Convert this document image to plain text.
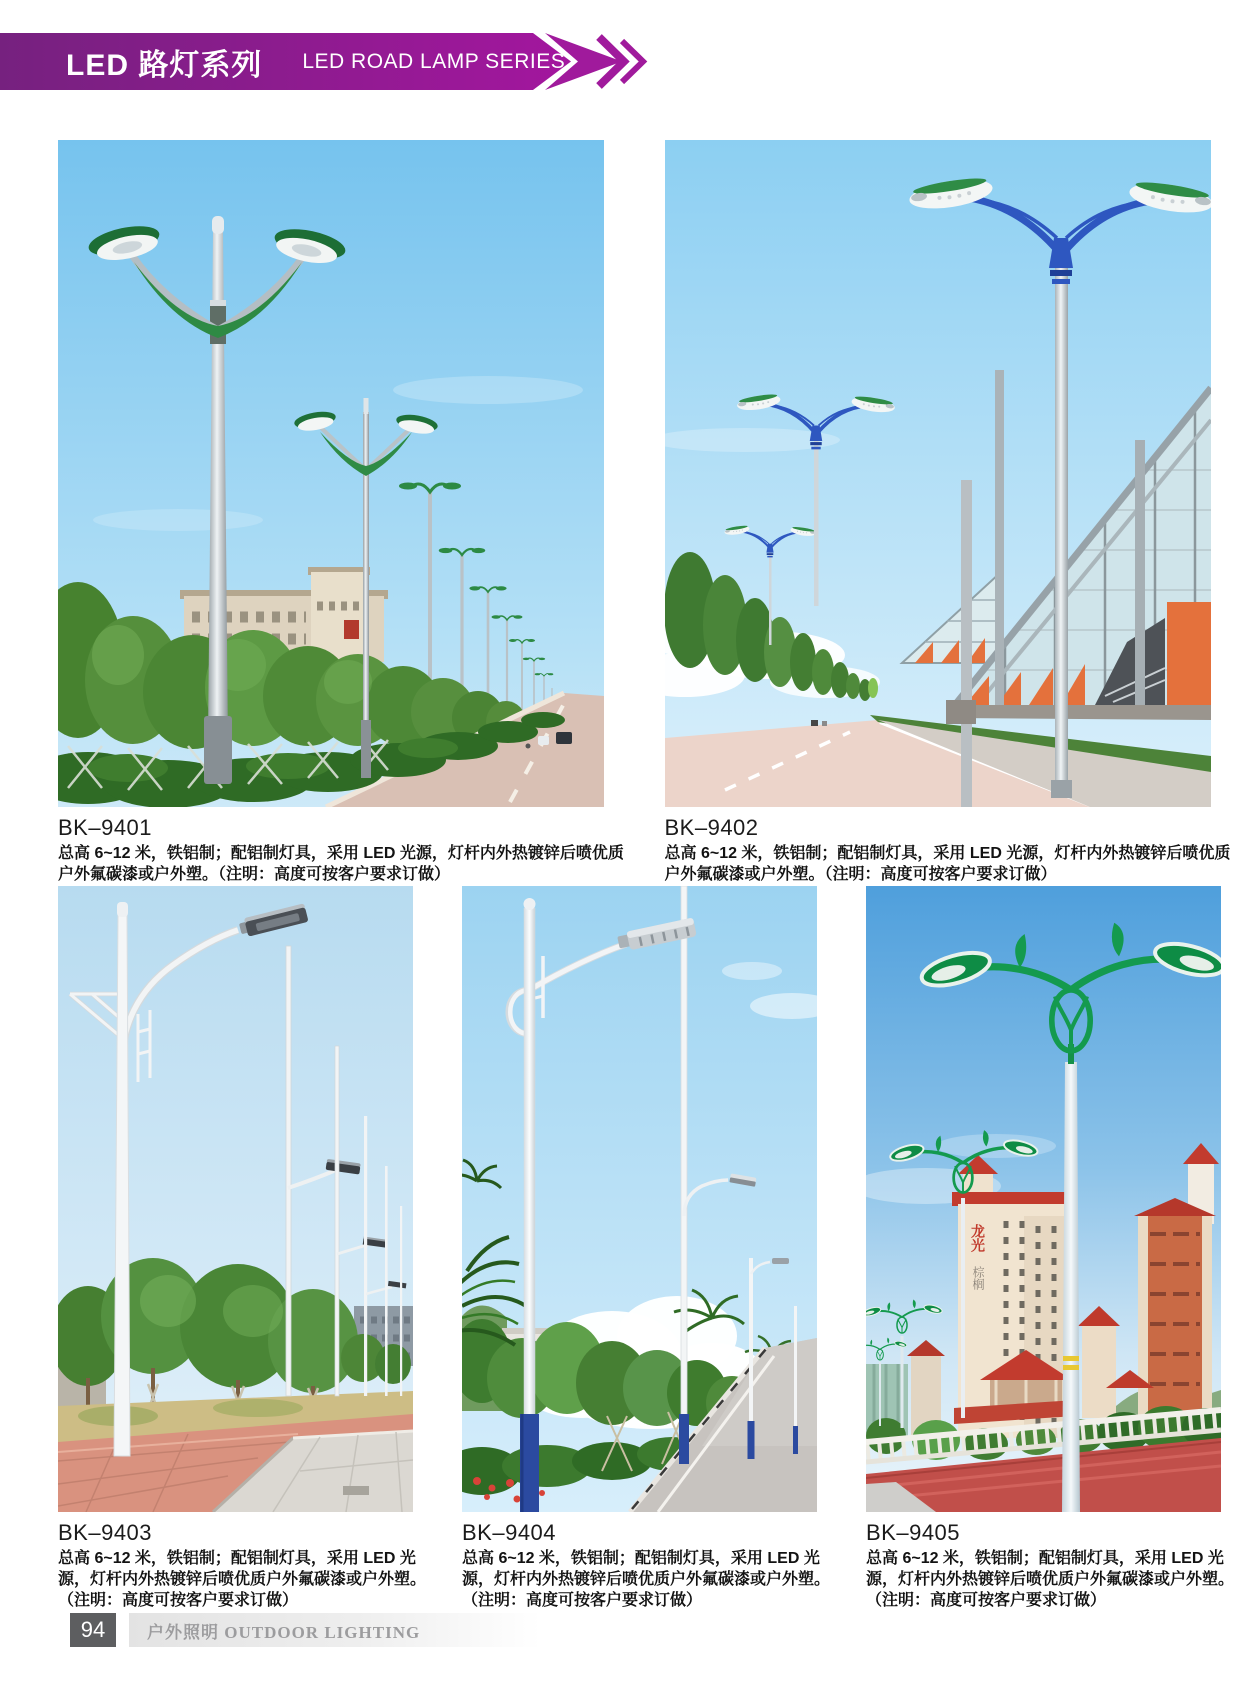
LED 路灯系列 LED ROAD LAMP SERIES
BK–9401
总高 6~12 米，铁铝制；配铝制灯具，采用 LED 光源，灯杆内外热镀锌后喷优质户外氟碳漆或户外塑。（注明：高度可按客户要求订做）
BK–9402
总高 6~12 米，铁铝制；配铝制灯具，采用 LED 光源，灯杆内外热镀锌后喷优质户外氟碳漆或户外塑。（注明：高度可按客户要求订做）
BK–9403
总高 6~12 米，铁铝制；配铝制灯具，采用 LED 光源，灯杆内外热镀锌后喷优质户外氟碳漆或户外塑。（注明：高度可按客户要求订做）
BK–9404
总高 6~12 米，铁铝制；配铝制灯具，采用 LED 光源，灯杆内外热镀锌后喷优质户外氟碳漆或户外塑。（注明：高度可按客户要求订做）
龙光
棕榈
BK–9405
总高 6~12 米，铁铝制；配铝制灯具，采用 LED 光源，灯杆内外热镀锌后喷优质户外氟碳漆或户外塑。（注明：高度可按客户要求订做）
94	户外照明 OUTDOOR LIGHTING
